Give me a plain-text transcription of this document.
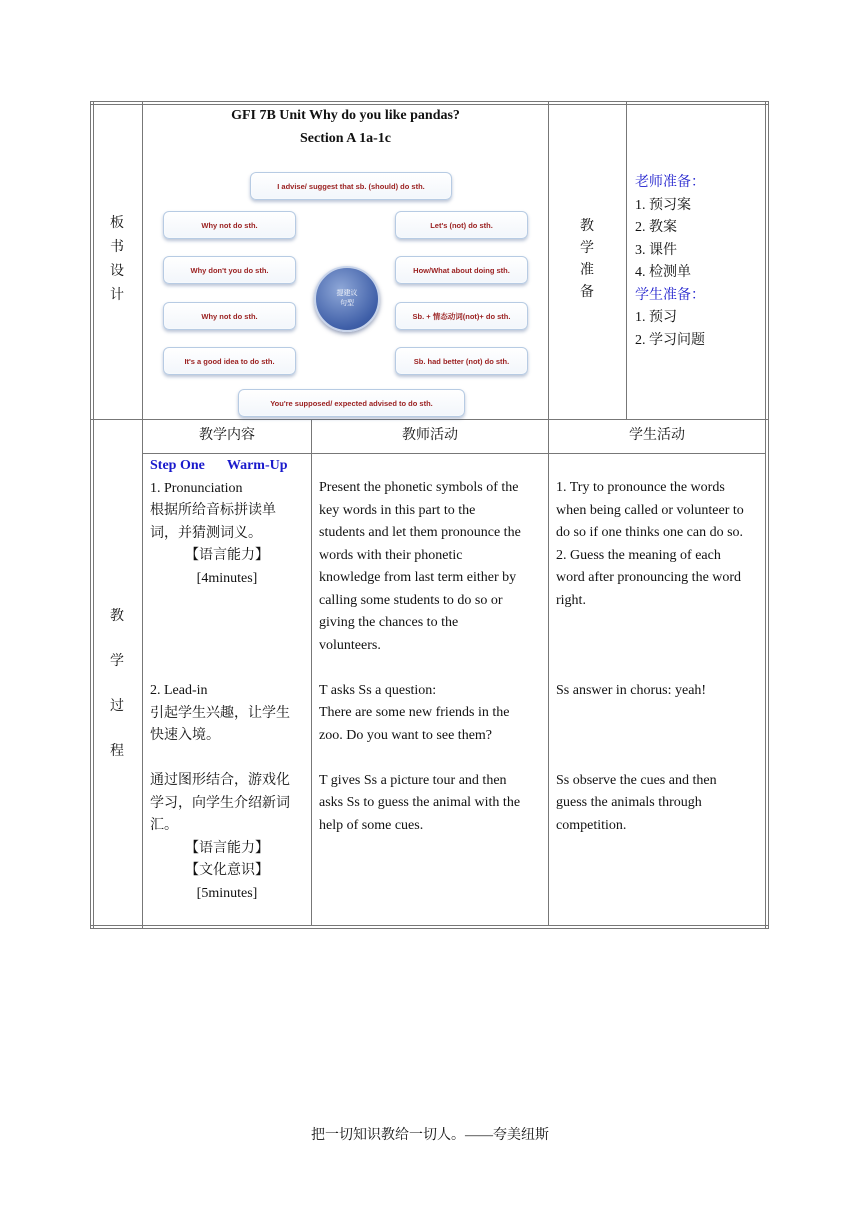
板
书
设
计
GFI 7B Unit Why do you like pandas?
Section A 1a-1c
I advise/ suggest that sb. (should) do sth.
Why not do sth.
Why don't you do sth.
Why not do sth.
It's a good idea to do sth.
Let's (not) do sth.
How/What about doing sth.
Sb. + 情态动词(not)+ do sth.
Sb. had better (not) do sth.
You're supposed/ expected advised to do sth.
提建议
句型
教
学
准
备
老师准备：
1. 预习案
2. 教案
3. 课件
4. 检测单
学生准备：
1. 预习
2. 学习问题
教
学
过
程
教学内容	教师活动	学生活动
Step One Warm-Up
1. Pronunciation
根据所给音标拼读单
词，并猜测词义。
【语言能力】
[4minutes]
2. Lead-in
引起学生兴趣，让学生
快速入境。
通过图形结合，游戏化
学习，向学生介绍新词
汇。
【语言能力】
【文化意识】
[5minutes]
Present the phonetic symbols of the
key words in this part to the
students and let them pronounce the
words with their phonetic
knowledge from last term either by
calling some students to do so or
giving the chances to the
volunteers.
T asks Ss a question:
There are some new friends in the
zoo. Do you want to see them?
T gives Ss a picture tour and then
asks Ss to guess the animal with the
help of some cues.
1. Try to pronounce the words
when being called or volunteer to
do so if one thinks one can do so.
2. Guess the meaning of each
word after pronouncing the word
right.
Ss answer in chorus: yeah!
Ss observe the cues and then
guess the animals through
competition.
把一切知识教给一切人。——夸美纽斯
